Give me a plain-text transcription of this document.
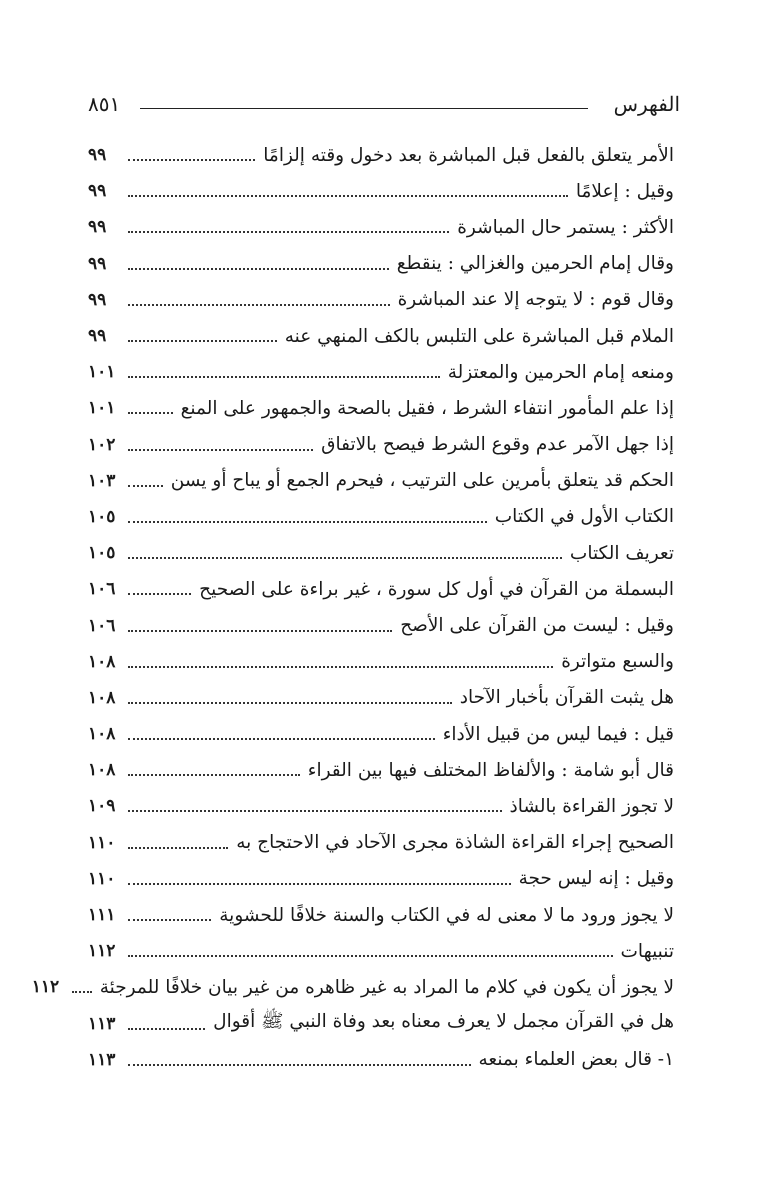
٨٥١	الفهرس
الأمر يتعلق بالفعل قبل المباشرة بعد دخول وقته إلزامًا
٩٩
وقيل : إعلامًا
٩٩
الأكثر : يستمر حال المباشرة
٩٩
وقال إمام الحرمين والغزالي : ينقطع
٩٩
وقال قوم : لا يتوجه إلا عند المباشرة
٩٩
الملام قبل المباشرة على التلبس بالكف المنهي عنه
٩٩
ومنعه إمام الحرمين والمعتزلة
١٠١
إذا علم المأمور انتفاء الشرط ، فقيل بالصحة والجمهور على المنع
١٠١
إذا جهل الآمر عدم وقوع الشرط فيصح بالاتفاق
١٠٢
الحكم قد يتعلق بأمرين على الترتيب ، فيحرم الجمع أو يباح أو يسن
١٠٣
الكتاب الأول في الكتاب
١٠٥
تعريف الكتاب
١٠٥
البسملة من القرآن في أول كل سورة ، غير براءة على الصحيح
١٠٦
وقيل : ليست من القرآن على الأصح
١٠٦
والسبع متواترة
١٠٨
هل يثبت القرآن بأخبار الآحاد
١٠٨
قيل : فيما ليس من قبيل الأداء
١٠٨
قال أبو شامة : والألفاظ المختلف فيها بين القراء
١٠٨
لا تجوز القراءة بالشاذ
١٠٩
الصحيح إجراء القراءة الشاذة مجرى الآحاد في الاحتجاج به
١١٠
وقيل : إنه ليس حجة
١١٠
لا يجوز ورود ما لا معنى له في الكتاب والسنة خلافًا للحشوية
١١١
تنبيهات
١١٢
لا يجوز أن يكون في كلام ما المراد به غير ظاهره من غير بيان خلافًا للمرجئة
١١٢
هل في القرآن مجمل لا يعرف معناه بعد وفاة النبي ﷺ أقوال
١١٣
١- قال بعض العلماء بمنعه
١١٣
